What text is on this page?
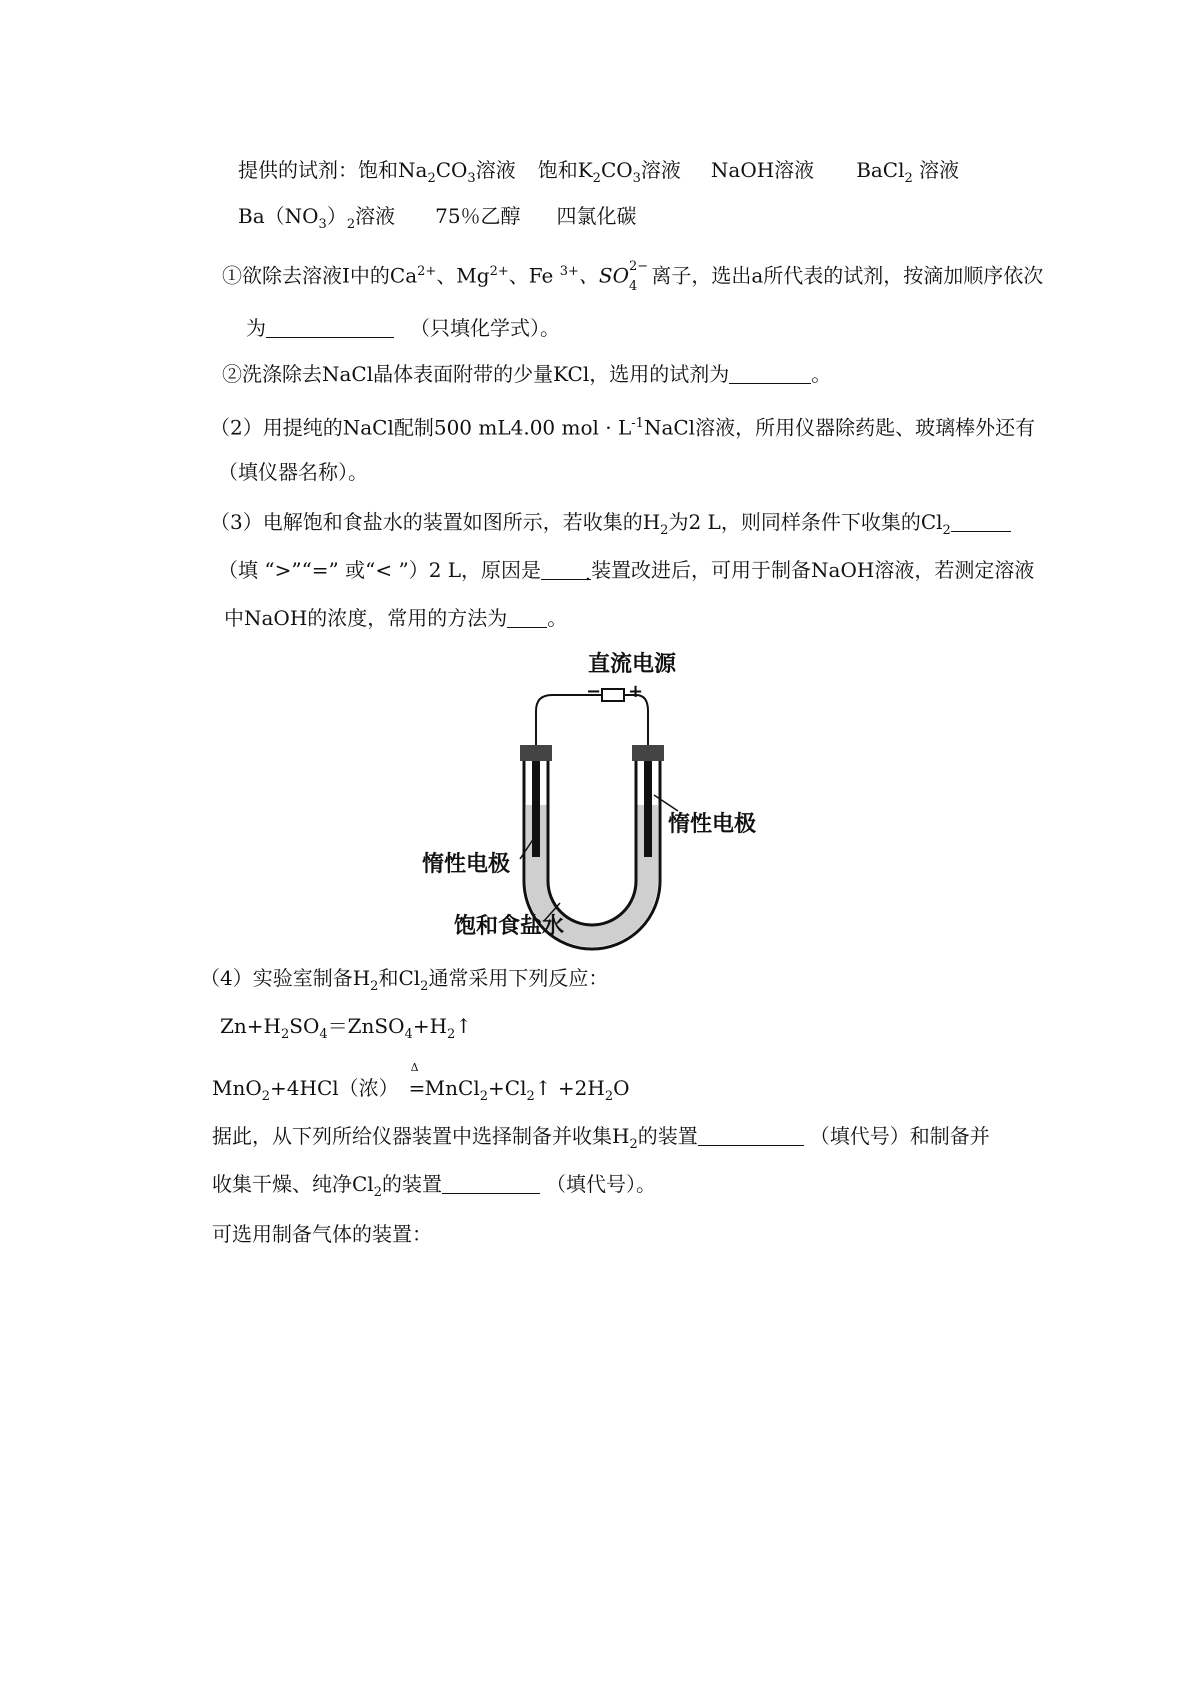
提供的试剂：饱和$Na_2CO_3$溶液 饱和$K_2CO_3$溶液 NaOH溶液 BaCl$_2$ 溶液
$Ba(NO_3)_2$溶液 75％乙醇 四氯化碳
①欲除去溶液Ⅰ中的$Ca^{2+}$、$Mg^{2+}$、Fe $^{3+}$、SO 2−
4 离子，选出a所代表的试剂，按滴加顺序依次
为	（只填化学式）。
②洗涤除去NaCl晶体表面附带的少量KCl，选用的试剂为	。
（2）用提纯的NaCl配制500 mL4.00 mol · $L^{-1}NaCl$溶液，所用仪器除药匙、玻璃棒外还有
（填仪器名称）。
（3）电解饱和食盐水的装置如图所示，若收集的$H_2$为2 L，则同样条件下收集的$Cl_2$
（填 “>”“=” 或“< ”）2 L，原因是 .装置改进后，可用于制备NaOH溶液，若测定溶液
中NaOH的浓度，常用的方法为 。
直流电源
− +
惰性电极
惰性电极
饱和食盐水
（4）实验室制备$H_2$和$Cl_2$通常采用下列反应：
$Zn+H_2SO_4=ZnSO_4+H_2↑$
MnO$_2$+4HCl（浓）
Δ
$=MnCl_2+Cl_2↑ +2H_2O$
据此，从下列所给仪器装置中选择制备并收集$H_2$的装置	（填代号）和制备并
收集干燥、纯净$Cl_2$的装置	（填代号）。
可选用制备气体的装置：
